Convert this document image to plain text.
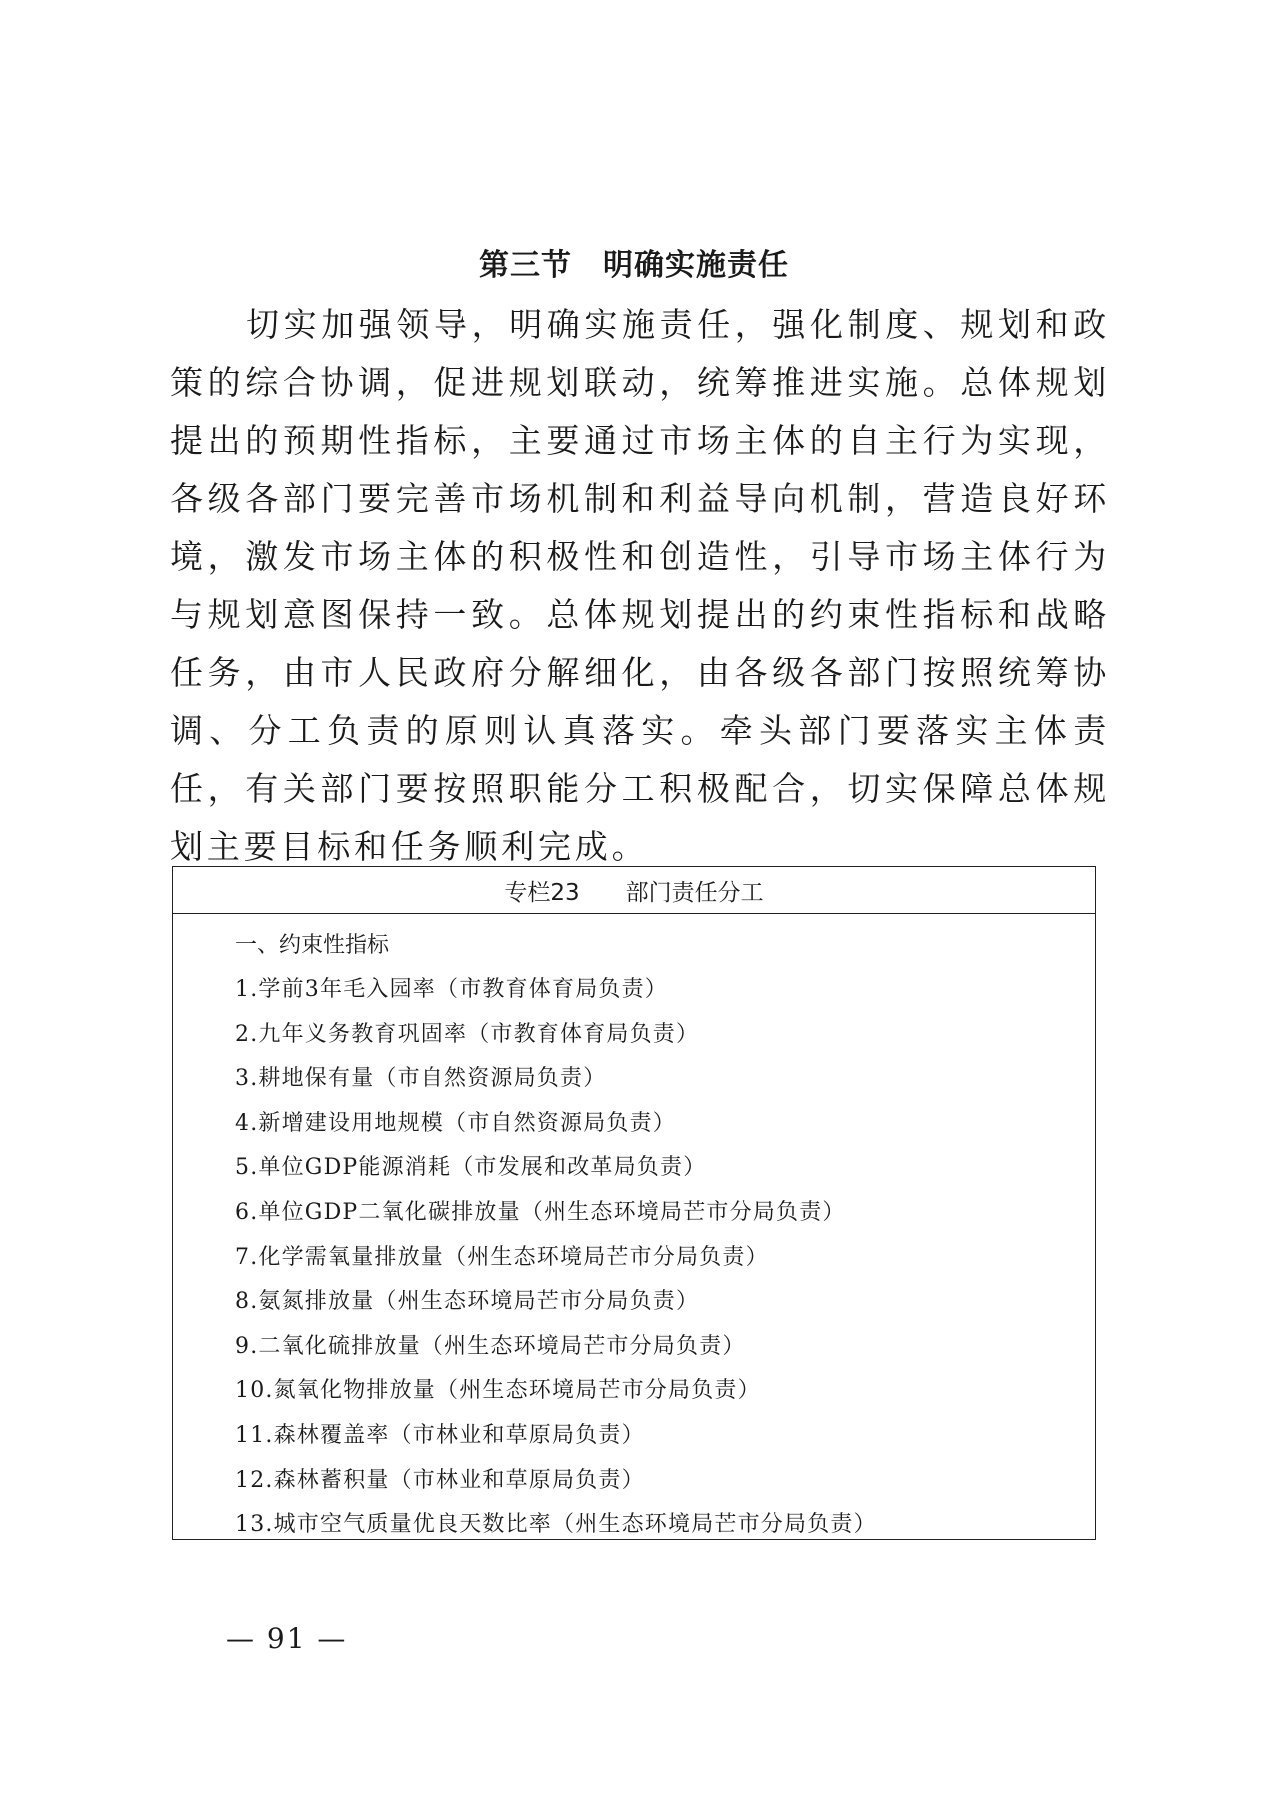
第三节　明确实施责任

切实加强领导，明确实施责任，强化制度、规划和政策的综合协调，促进规划联动，统筹推进实施。总体规划提出的预期性指标，主要通过市场主体的自主行为实现，各级各部门要完善市场机制和利益导向机制，营造良好环境，激发市场主体的积极性和创造性，引导市场主体行为与规划意图保持一致。总体规划提出的约束性指标和战略任务，由市人民政府分解细化，由各级各部门按照统筹协调、分工负责的原则认真落实。牵头部门要落实主体责任，有关部门要按照职能分工积极配合，切实保障总体规划主要目标和任务顺利完成。

专栏23 部门责任分工
一、约束性指标
1.学前3年毛入园率（市教育体育局负责）
2.九年义务教育巩固率（市教育体育局负责）
3.耕地保有量（市自然资源局负责）
4.新增建设用地规模（市自然资源局负责）
5.单位GDP能源消耗（市发展和改革局负责）
6.单位GDP二氧化碳排放量（州生态环境局芒市分局负责）
7.化学需氧量排放量（州生态环境局芒市分局负责）
8.氨氮排放量（州生态环境局芒市分局负责）
9.二氧化硫排放量（州生态环境局芒市分局负责）
10.氮氧化物排放量（州生态环境局芒市分局负责）
11.森林覆盖率（市林业和草原局负责）
12.森林蓄积量（市林业和草原局负责）
13.城市空气质量优良天数比率（州生态环境局芒市分局负责）
— 91 —
